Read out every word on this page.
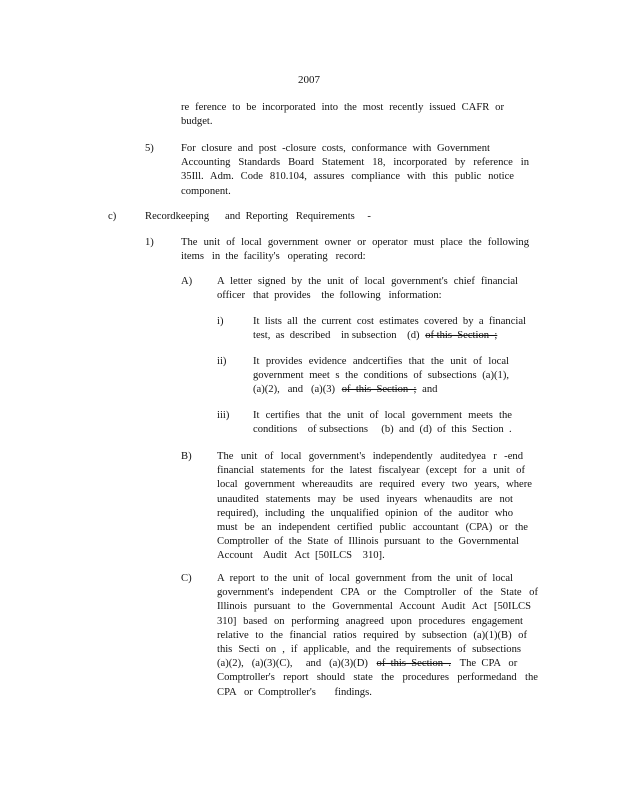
2007
re ference to be incorporated into the most recently issued CAFR or
budget.
5)	For closure and post -closure costs, conformance with Government
Accounting Standards Board Statement 18, incorporated by reference in
35Ill. Adm. Code 810.104, assures compliance with this public notice
component.
c)	Recordkeeping      and  Reporting   Requirements -
1)	The unit of local government owner or operator must place the following
items   in  the  facility's   operating   record:
A) A letter signed by the unit of local government's chief financial
officer   that  provides    the  following   information:
i)	It lists all the current cost estimates covered by a financial
test,  as  described    in subsection    (d) of this  Section  ;
ii)	It provides evidence andcertifies that the unit of local
government meet s the conditions of subsections (a)(1),
(a)(2),   and   (a)(3) of  this  Section  ; and
iii) It certifies that the unit of local government meets the
conditions    of subsections     (b)  and  (d)  of  this  Section  .
B) The unit of local government's independently auditedyea r -end
financial statements for the latest fiscalyear (except for a unit of
local government whereaudits are required every two years, where
unaudited statements may be used inyears whenaudits are not
required), including the unqualified opinion of the auditor who
must be an independent certified public accountant (CPA) or the
Comptroller of the State of Illinois pursuant to the Governmental
Account    Audit   Act  [50ILCS    310].
C) A report to the unit of local government from the unit of local
government's independent CPA or the Comptroller of the State of
Illinois pursuant to the Governmental Account Audit Act [50ILCS
310] based on performing anagreed upon procedures engagement
relative to the financial ratios required by subsection (a)(1)(B) of
this Secti on , if applicable, and the requirements of subsections
(a)(2),   (a)(3)(C),     and   (a)(3)(D) of  this  Section  . The  CPA   or
Comptroller's report should state the procedures performedand the
CPA   or  Comptroller's       findings.
